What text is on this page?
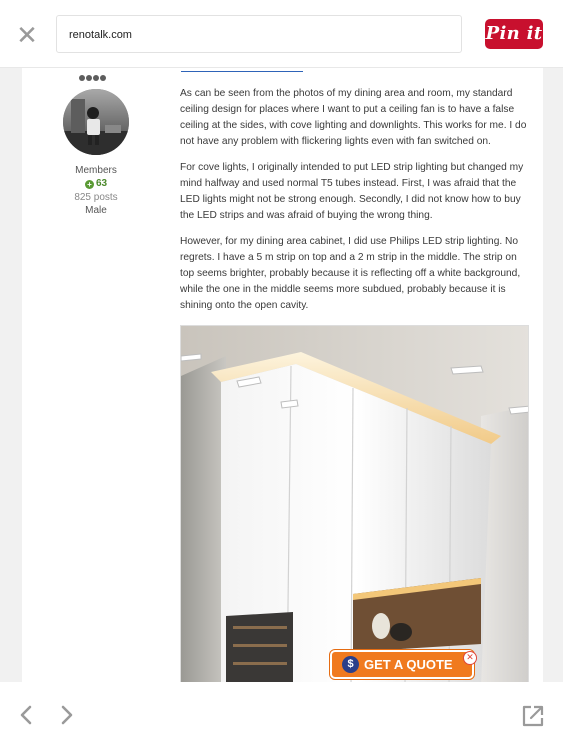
✕	renotalk.com	Pin it
Members
+ 63
825 posts
Male

As can be seen from the photos of my dining area and room, my standard ceiling design for places where I want to put a ceiling fan is to have a false ceiling at the sides, with cove lighting and downlights. This works for me. I do not have any problem with flickering lights even with fan switched on.

For cove lights, I originally intended to put LED strip lighting but changed my mind halfway and used normal T5 tubes instead. First, I was afraid that the LED lights might not be strong enough. Secondly, I did not know how to buy the LED strips and was afraid of buying the wrong thing.

However, for my dining area cabinet, I did use Philips LED strip lighting. No regrets. I have a 5 m strip on top and a 2 m strip in the middle. The strip on top seems brighter, probably because it is reflecting off a white background, while the one in the middle seems more subdued, probably because it is shining onto the open cavity.

$ GET A QUOTE	✕
